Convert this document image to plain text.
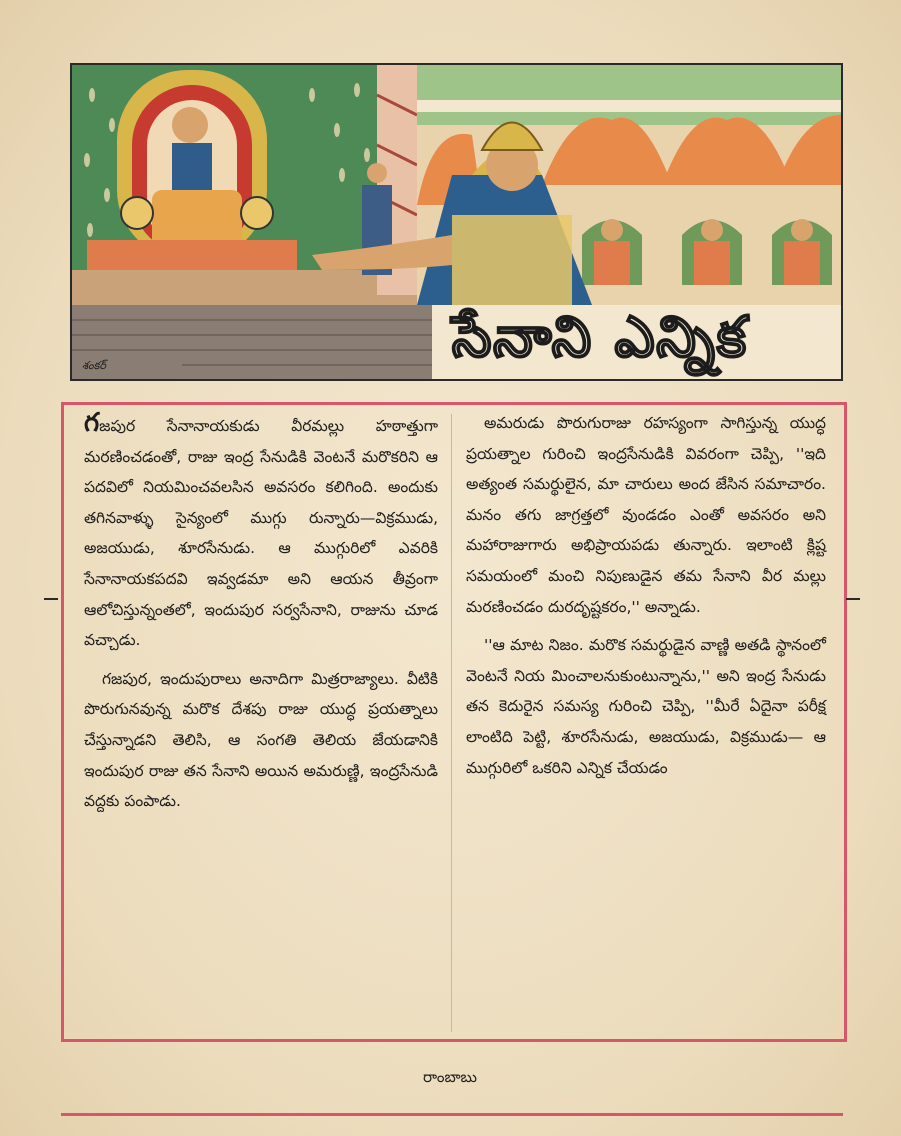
శంకర్	సేనాని ఎన్నిక

గజపుర సేనానాయకుడు వీరమల్లు హఠాత్తుగా మరణించడంతో, రాజు ఇంద్ర సేనుడికి వెంటనే మరొకరిని ఆ పదవిలో నియమించవలసిన అవసరం కలిగింది. అందుకు తగినవాళ్ళు సైన్యంలో ముగ్గు రున్నారు—విక్రముడు, అజయుడు, శూరసేనుడు. ఆ ముగ్గురిలో ఎవరికి సేనానాయకపదవి ఇవ్వడమా అని ఆయన తీవ్రంగా ఆలోచిస్తున్నంతలో, ఇందుపుర సర్వసేనాని, రాజును చూడ వచ్చాడు.

గజపుర, ఇందుపురాలు అనాదిగా మిత్రరాజ్యాలు. వీటికి పొరుగునవున్న మరొక దేశపు రాజు యుద్ధ ప్రయత్నాలు చేస్తున్నాడని తెలిసి, ఆ సంగతి తెలియ జేయడానికి ఇందుపుర రాజు తన సేనాని అయిన అమరుణ్ణి, ఇంద్రసేనుడి వద్దకు పంపాడు.

అమరుడు పొరుగురాజు రహస్యంగా సాగిస్తున్న యుద్ధ ప్రయత్నాల గురించి ఇంద్రసేనుడికి వివరంగా చెప్పి, ''ఇది అత్యంత సమర్థులైన, మా చారులు అంద జేసిన సమాచారం. మనం తగు జాగ్రత్తలో వుండడం ఎంతో అవసరం అని మహారాజుగారు అభిప్రాయపడు తున్నారు. ఇలాంటి క్లిష్ట సమయంలో మంచి నిపుణుడైన తమ సేనాని వీర మల్లు మరణించడం దురదృష్టకరం,'' అన్నాడు.

''ఆ మాట నిజం. మరొక సమర్థుడైన వాణ్ణి అతడి స్థానంలో వెంటనే నియ మించాలనుకుంటున్నాను,'' అని ఇంద్ర సేనుడు తన కెదురైన సమస్య గురించి చెప్పి, ''మీరే ఏదైనా పరీక్ష లాంటిది పెట్టి, శూరసేనుడు, అజయుడు, విక్రముడు— ఆ ముగ్గురిలో ఒకరిని ఎన్నిక చేయడం

రాంబాబు
